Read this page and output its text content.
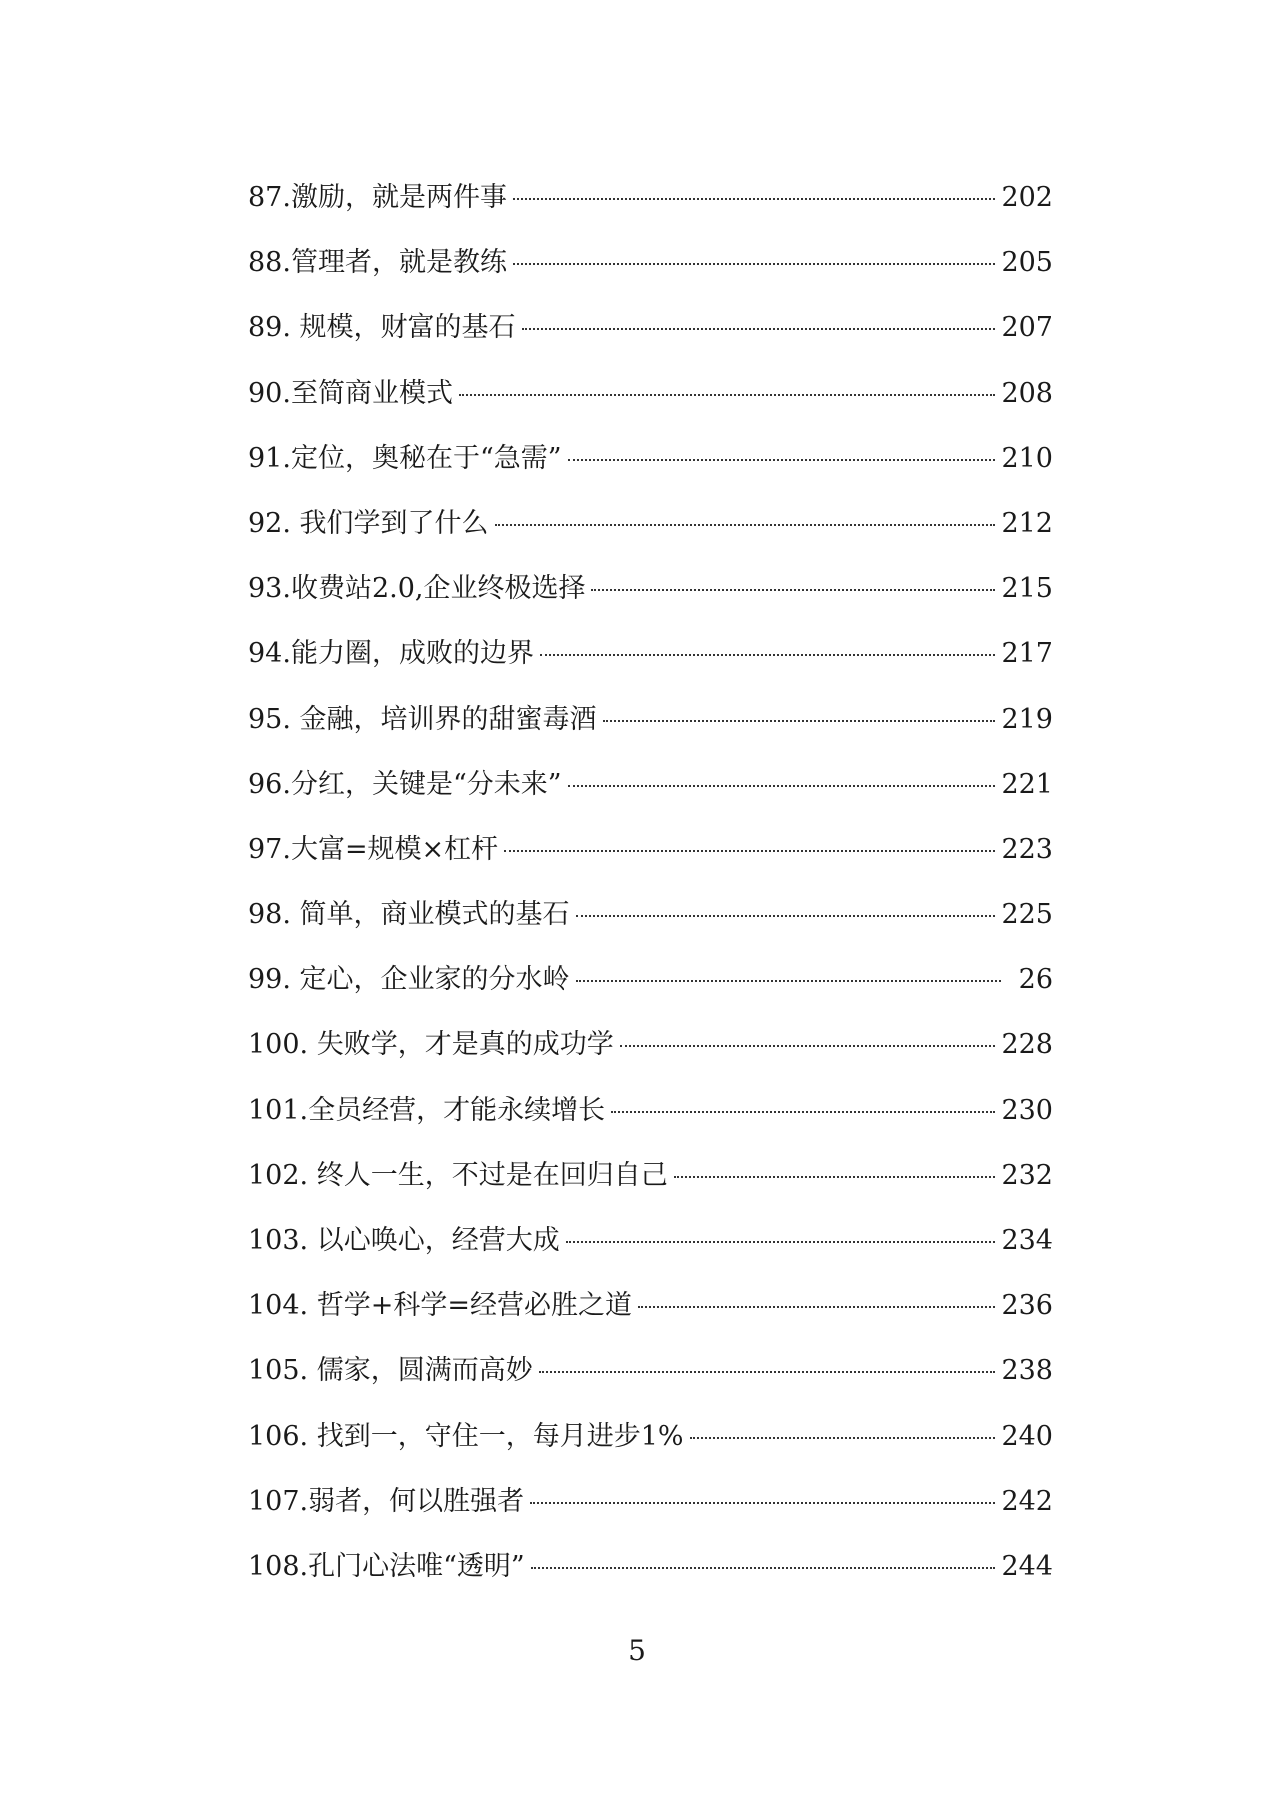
87.激励，就是两件事	202
88.管理者，就是教练	205
89. 规模，财富的基石	207
90.至简商业模式	208
91.定位，奥秘在于“急需”	210
92. 我们学到了什么	212
93.收费站2.0,企业终极选择	215
94.能力圈，成败的边界	217
95. 金融，培训界的甜蜜毒酒	219
96.分红，关键是“分未来”	221
97.大富=规模×杠杆	223
98. 简单，商业模式的基石	225
99. 定心，企业家的分水岭	26
100. 失败学，才是真的成功学	228
101.全员经营，才能永续增长	230
102. 终人一生，不过是在回归自己	232
103. 以心唤心，经营大成	234
104. 哲学+科学=经营必胜之道	236
105. 儒家，圆满而高妙	238
106. 找到一，守住一，每月进步1%	240
107.弱者，何以胜强者	242
108.孔门心法唯“透明”	244
5
